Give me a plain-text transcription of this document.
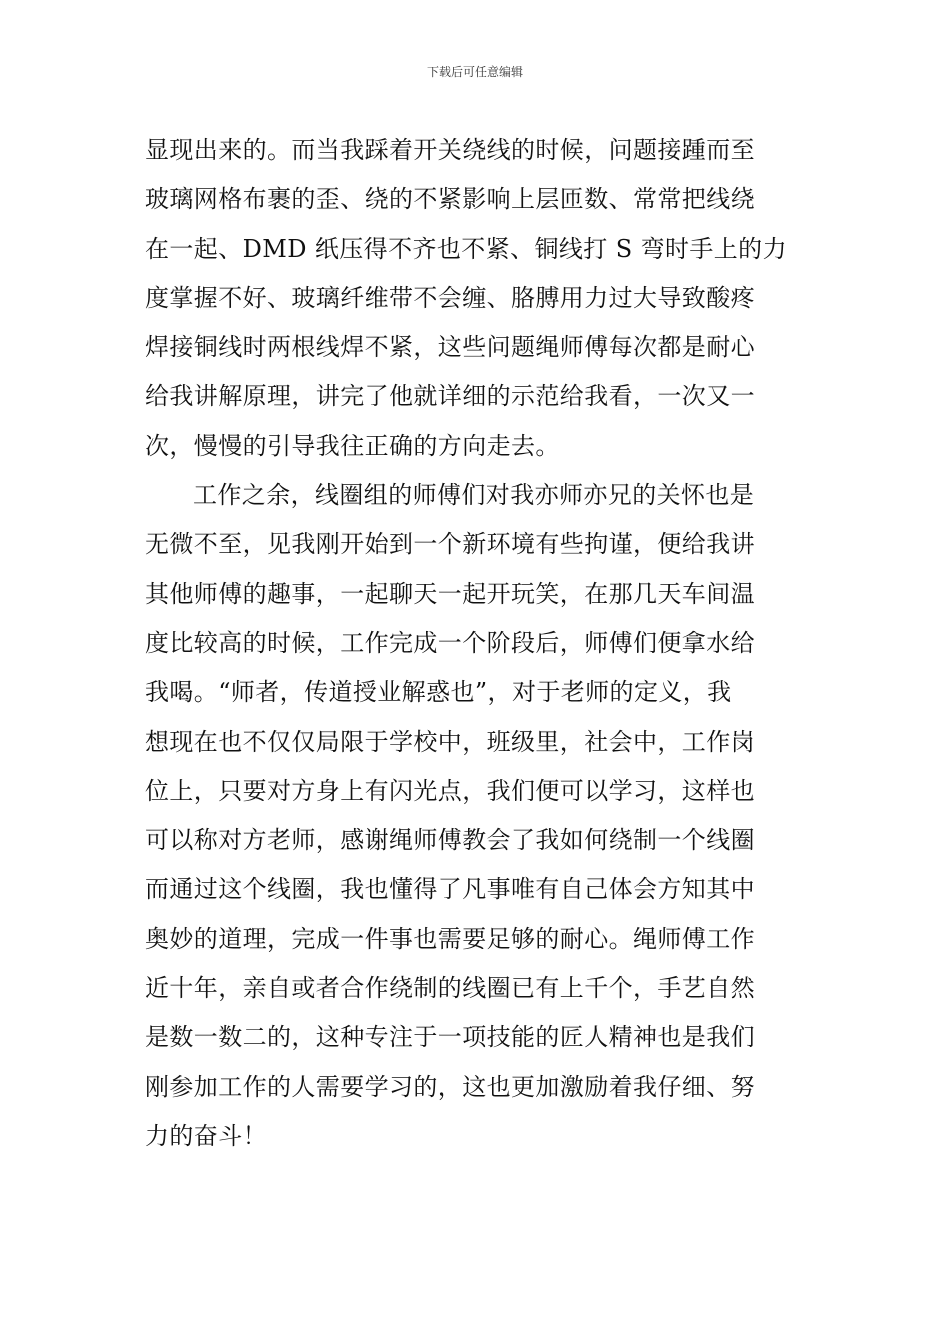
下载后可任意编辑
显现出来的。而当我踩着开关绕线的时候，问题接踵而至
玻璃网格布裹的歪、绕的不紧影响上层匝数、常常把线绕
在一起、DMD 纸压得不齐也不紧、铜线打 S 弯时手上的力
度掌握不好、玻璃纤维带不会缠、胳膊用力过大导致酸疼
焊接铜线时两根线焊不紧，这些问题绳师傅每次都是耐心
给我讲解原理，讲完了他就详细的示范给我看，一次又一
次，慢慢的引导我往正确的方向走去。
工作之余，线圈组的师傅们对我亦师亦兄的关怀也是
无微不至，见我刚开始到一个新环境有些拘谨，便给我讲
其他师傅的趣事，一起聊天一起开玩笑，在那几天车间温
度比较高的时候，工作完成一个阶段后，师傅们便拿水给
我喝。“师者，传道授业解惑也”，对于老师的定义，我
想现在也不仅仅局限于学校中，班级里，社会中，工作岗
位上，只要对方身上有闪光点，我们便可以学习，这样也
可以称对方老师，感谢绳师傅教会了我如何绕制一个线圈
而通过这个线圈，我也懂得了凡事唯有自己体会方知其中
奥妙的道理，完成一件事也需要足够的耐心。绳师傅工作
近十年，亲自或者合作绕制的线圈已有上千个，手艺自然
是数一数二的，这种专注于一项技能的匠人精神也是我们
刚参加工作的人需要学习的，这也更加激励着我仔细、努
力的奋斗！
